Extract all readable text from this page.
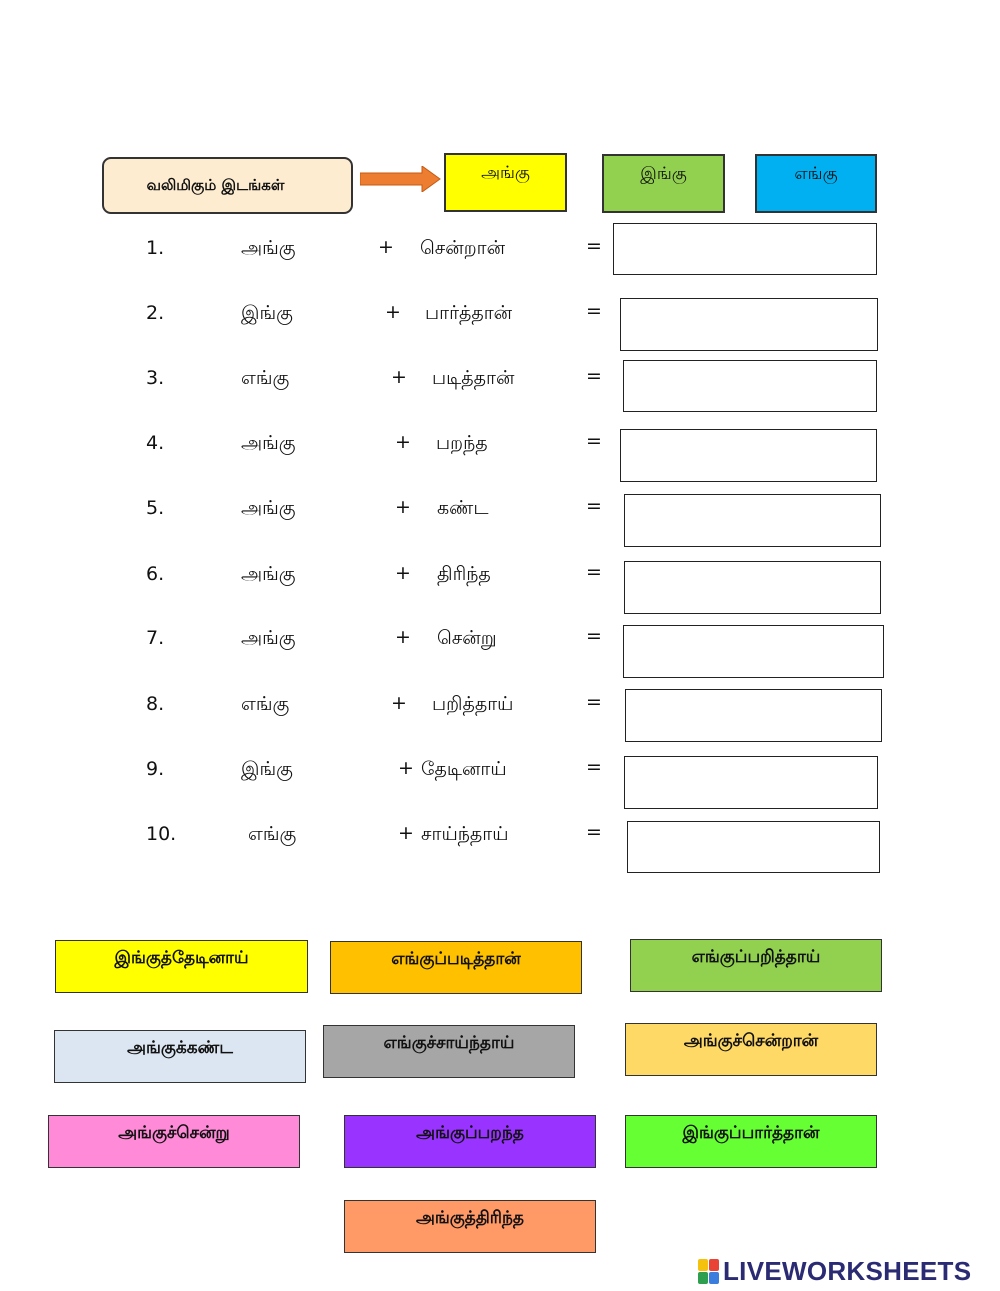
வலிமிகும் இடங்கள்
அங்கு	இங்கு	எங்கு
1.	அங்கு	+ சென்றான்	=
2.	இங்கு	+ பார்த்தான்	=
3.	எங்கு	+ படித்தான்	=
4.	அங்கு	+ பறந்த	=
5.	அங்கு	+ கண்ட	=
6.	அங்கு	+ திரிந்த	=
7.	அங்கு	+ சென்று	=
8.	எங்கு	+ பறித்தாய்	=
9.	இங்கு	+ தேடினாய்	=
10.	எங்கு	+ சாய்ந்தாய்	=
இங்குத்தேடினாய்	எங்குப்படித்தான்	எங்குப்பறித்தாய்
அங்குக்கண்ட	எங்குச்சாய்ந்தாய்	அங்குச்சென்றான்
அங்குச்சென்று	அங்குப்பறந்த	இங்குப்பார்த்தான்
அங்குத்திரிந்த
LIVEWORKSHEETS
